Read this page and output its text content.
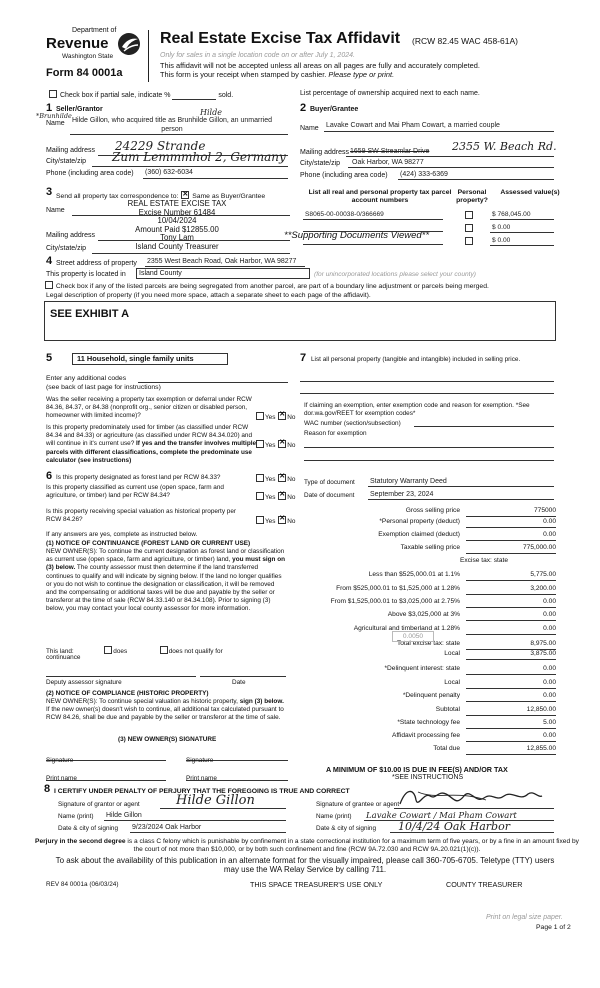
Department of
Revenue
Washington State
Form 84 0001a
Real Estate Excise Tax Affidavit (RCW 82.45 WAC 458-61A)
Only for sales in a single location code on or after July 1, 2024.
This affidavit will not be accepted unless all areas on all pages are fully and accurately completed.
This form is your receipt when stamped by cashier. Please type or print.
Check box if partial sale, indicate %	sold.	List percentage of ownership acquired next to each name.
1 Seller/Grantor	Hilde
*Brunhilde
Name Hilde Gillon, who acquired title as Brunhilde Gillon, an unmarried person
Mailing address 24229 Strande
City/state/zip Zum Lemmmhol 2, Germany
Phone (including area code) (360) 632-6034
2 Buyer/Grantee
Name Lavake Cowart and Mai Pham Cowart, a married couple
Mailing address 1659 SW Streamlar Drive 2355 W. Beach Rd.
City/state/zip Oak Harbor, WA 98277
Phone (including area code) (424) 333-6369
3 Send all property tax correspondence to: ✕ Same as Buyer/Grantee
Name
REAL ESTATE EXCISE TAX
Excise Number 61484
10/04/2024
Amount Paid $12855.00
Tony Lam
Island County Treasurer
Mailing address
City/state/zip
**Supporting Documents Viewed**
List all real and personal property tax parcel account numbers
Personal property?
Assessed value(s)
S8065-00-00038-0/366669	$ 768,045.00
$ 0.00
$ 0.00
4 Street address of property 2355 West Beach Road, Oak Harbor, WA 98277
This property is located in	Island County	(for unincorporated locations please select your county)
Check box if any of the listed parcels are being segregated from another parcel, are part of a boundary line adjustment or parcels being merged.
Legal description of property (if you need more space, attach a separate sheet to each page of the affidavit).
SEE EXHIBIT A
5	11 Household, single family units
Enter any additional codes
(see back of last page for instructions)
Was the seller receiving a property tax exemption or deferral under RCW 84.36, 84.37, or 84.38 (nonprofit org., senior citizen or disabled person, homeowner with limited income)?	Yes ✕ No
Is this property predominately used for timber (as classified under RCW 84.34 and 84.33) or agriculture (as classified under RCW 84.34.020) and will continue in it's current use? If yes and the transfer involves multiple parcels with different classifications, complete the predominate use calculator (see instructions)
Yes ✕ No
6 Is this property designated as forest land per RCW 84.33?	Yes ✕ No
Is this property classified as current use (open space, farm and agriculture, or timber) land per RCW 84.34?	Yes ✕ No
Is this property receiving special valuation as historical property per RCW 84.26?	Yes ✕ No
If any answers are yes, complete as instructed below.
(1) NOTICE OF CONTINUANCE (FOREST LAND OR CURRENT USE)
NEW OWNER(S): To continue the current designation as forest land or classification as current use (open space, farm and agriculture, or timber) land, you must sign on (3) below. The county assessor must then determine if the land transferred continues to qualify and will indicate by signing below. If the land no longer qualifies or you do not wish to continue the designation or classification, it will be removed and the compensating or additional taxes will be due and payable by the seller or transferor at the time of sale (RCW 84.33.140 or 84.34.108). Prior to signing (3) below, you may contact your local county assessor for more information.
This land:	does	does not qualify for
continuance
Deputy assessor signature	Date
(2) NOTICE OF COMPLIANCE (HISTORIC PROPERTY)
NEW OWNER(S): To continue special valuation as historic property, sign (3) below. If the new owner(s) doesn't wish to continue, all additional tax calculated pursuant to RCW 84.26, shall be due and payable by the seller or transferor at the time of sale.
(3) NEW OWNER(S) SIGNATURE
Signature	Signature
Print name	Print name
7 List all personal property (tangible and intangible) included in selling price.
If claiming an exemption, enter exemption code and reason for exemption. *See dor.wa.gov/REET for exemption codes*
WAC number (section/subsection)
Reason for exemption
Type of document Statutory Warranty Deed
Date of document September 23, 2024
Gross selling price	775000
*Personal property (deduct)	0.00
Exemption claimed (deduct)	0.00
Taxable selling price	775,000.00
Excise tax: state
Less than $525,000.01 at 1.1%	5,775.00
From $525,000.01 to $1,525,000 at 1.28%	3,200.00
From $1,525,000.01 to $3,025,000 at 2.75%	0.00
Above $3,025,000 at 3%	0.00
Agricultural and timberland at 1.28%	0.00
Total excise tax: state	8,975.00
Local	3,875.00
*Delinquent interest: state	0.00
Local	0.00
*Delinquent penalty	0.00
Subtotal	12,850.00
*State technology fee	5.00
Affidavit processing fee	0.00
Total due	12,855.00
0.0050
A MINIMUM OF $10.00 IS DUE IN FEE(S) AND/OR TAX
*SEE INSTRUCTIONS
8 I CERTIFY UNDER PENALTY OF PERJURY THAT THE FOREGOING IS TRUE AND CORRECT
Signature of grantor or agent	Hilde Gillon
Name (print) Hilde Gillon
Date & city of signing 9/23/2024 Oak Harbor
Signature of grantee or agent
Name (print) Lavake Cowart / Mai Pham Cowart
Date & city of signing 10/4/24 Oak Harbor
Perjury in the second degree is a class C felony which is punishable by confinement in a state correctional institution for a maximum term of five years, or by a fine in an amount fixed by the court of not more than $10,000, or by both such confinement and fine (RCW 9A.72.030 and RCW 9A.20.021(1)(c)).
To ask about the availability of this publication in an alternate format for the visually impaired, please call 360-705-6705. Teletype (TTY) users may use the WA Relay Service by calling 711.
REV 84 0001a (06/03/24)	THIS SPACE TREASURER'S USE ONLY	COUNTY TREASURER
Print on legal size paper.
Page 1 of 2
